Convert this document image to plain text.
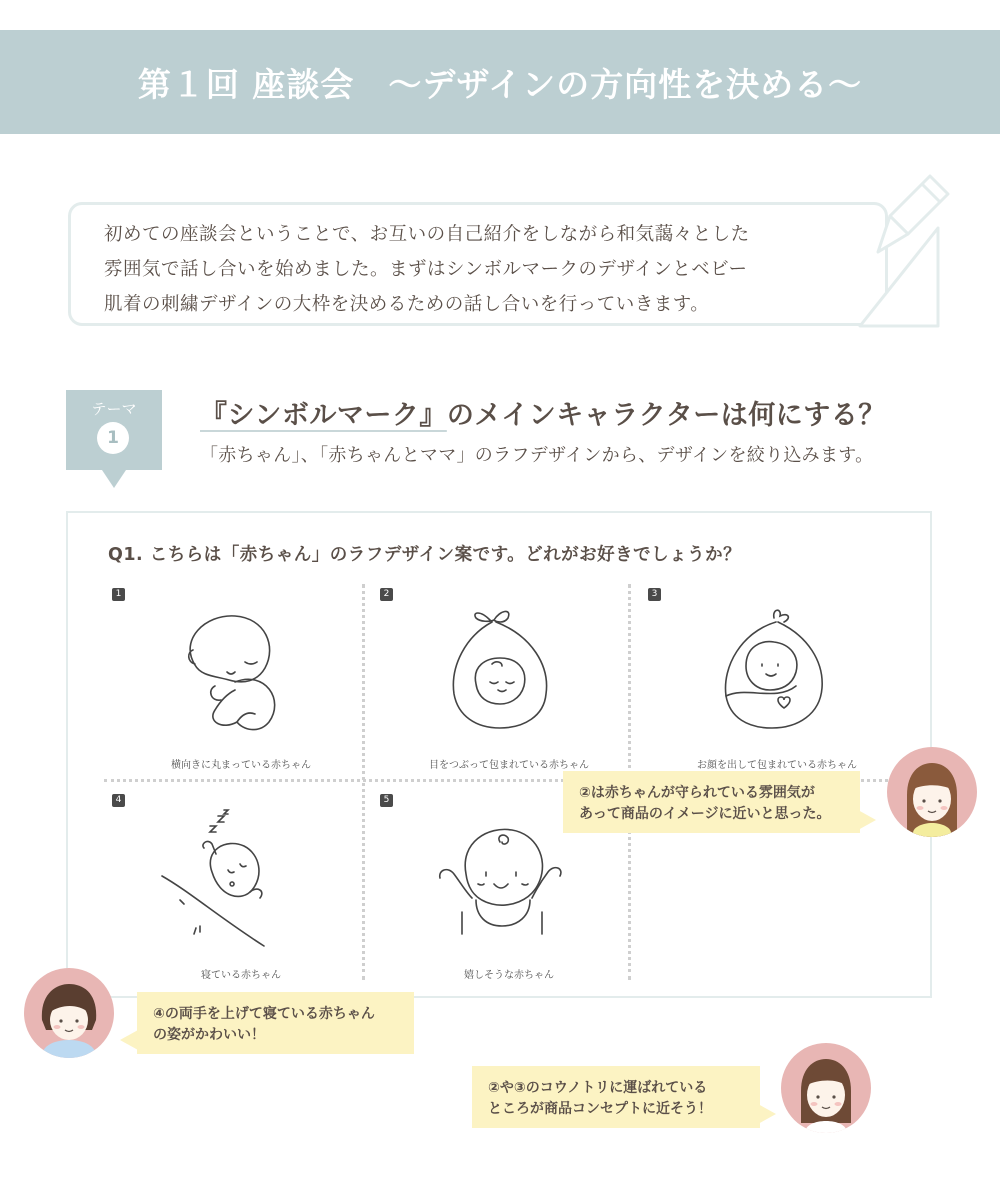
第１回 座談会　〜デザインの方向性を決める〜

初めての座談会ということで、お互いの自己紹介をしながら和気藹々とした

雰囲気で話し合いを始めました。まずはシンボルマークのデザインとベビー

肌着の刺繍デザインの大枠を決めるための話し合いを行っていきます。

テーマ
1
『シンボルマーク』のメインキャラクターは何にする？
「赤ちゃん」、「赤ちゃんとママ」のラフデザインから、デザインを絞り込みます。
Q1. こちらは「赤ちゃん」のラフデザイン案です。どれがお好きでしょうか？
1
横向きに丸まっている赤ちゃん
2
目をつぶって包まれている赤ちゃん
3
お顔を出して包まれている赤ちゃん
4
寝ている赤ちゃん
5
嬉しそうな赤ちゃん
②は赤ちゃんが守られている雰囲気が
あって商品のイメージに近いと思った。
④の両手を上げて寝ている赤ちゃん
の姿がかわいい！
②や③のコウノトリに運ばれている
ところが商品コンセプトに近そう！
